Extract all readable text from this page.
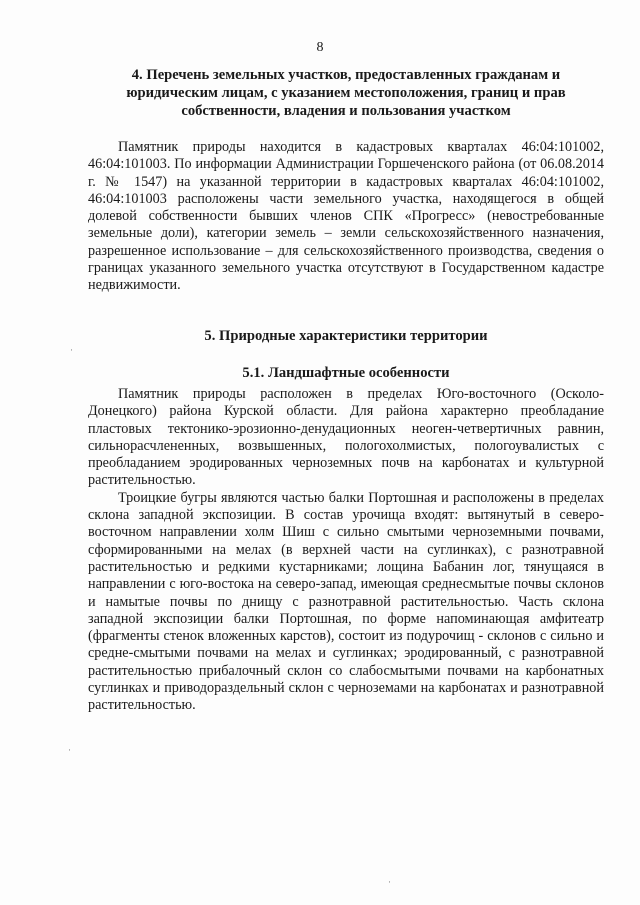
8
4. Перечень земельных участков, предоставленных гражданам и юридическим лицам, с указанием местоположения, границ и прав собственности, владения и пользования участком

Памятник природы находится в кадастровых кварталах 46:04:101002, 46:04:101003. По информации Администрации Горшеченского района (от 06.08.2014 г. № 1547) на указанной территории в кадастровых кварталах 46:04:101002, 46:04:101003 расположены части земельного участка, находящегося в общей долевой собственности бывших членов СПК «Прогресс» (невостребованные земельные доли), категории земель – земли сельскохозяйственного назначения, разрешенное использование – для сельскохозяйственного производства, сведения о границах указанного земельного участка отсутствуют в Государственном кадастре недвижимости.

5. Природные характеристики территории
5.1. Ландшафтные особенности

Памятник природы расположен в пределах Юго-восточного (Осколо-Донецкого) района Курской области. Для района характерно преобладание пластовых тектонико-эрозионно-денудационных неоген-четвертичных равнин, сильнорасчлененных, возвышенных, пологохолмистых, пологоувалистых с преобладанием эродированных черноземных почв на карбонатах и культурной растительностью.

Троицкие бугры являются частью балки Портошная и расположены в пределах склона западной экспозиции. В состав урочища входят: вытянутый в северо-восточном направлении холм Шиш с сильно смытыми черноземными почвами, сформированными на мелах (в верхней части на суглинках), с разнотравной растительностью и редкими кустарниками; лощина Бабанин лог, тянущаяся в направлении с юго-востока на северо-запад, имеющая среднесмытые почвы склонов и намытые почвы по днищу с разнотравной растительностью. Часть склона западной экспозиции балки Портошная, по форме напоминающая амфитеатр (фрагменты стенок вложенных карстов), состоит из подурочищ - склонов с сильно и средне-смытыми почвами на мелах и суглинках; эродированный, с разнотравной растительностью прибалочный склон со слабосмытыми почвами на карбонатных суглинках и приводораздельный склон с черноземами на карбонатах и разнотравной растительностью.

·
·
·
